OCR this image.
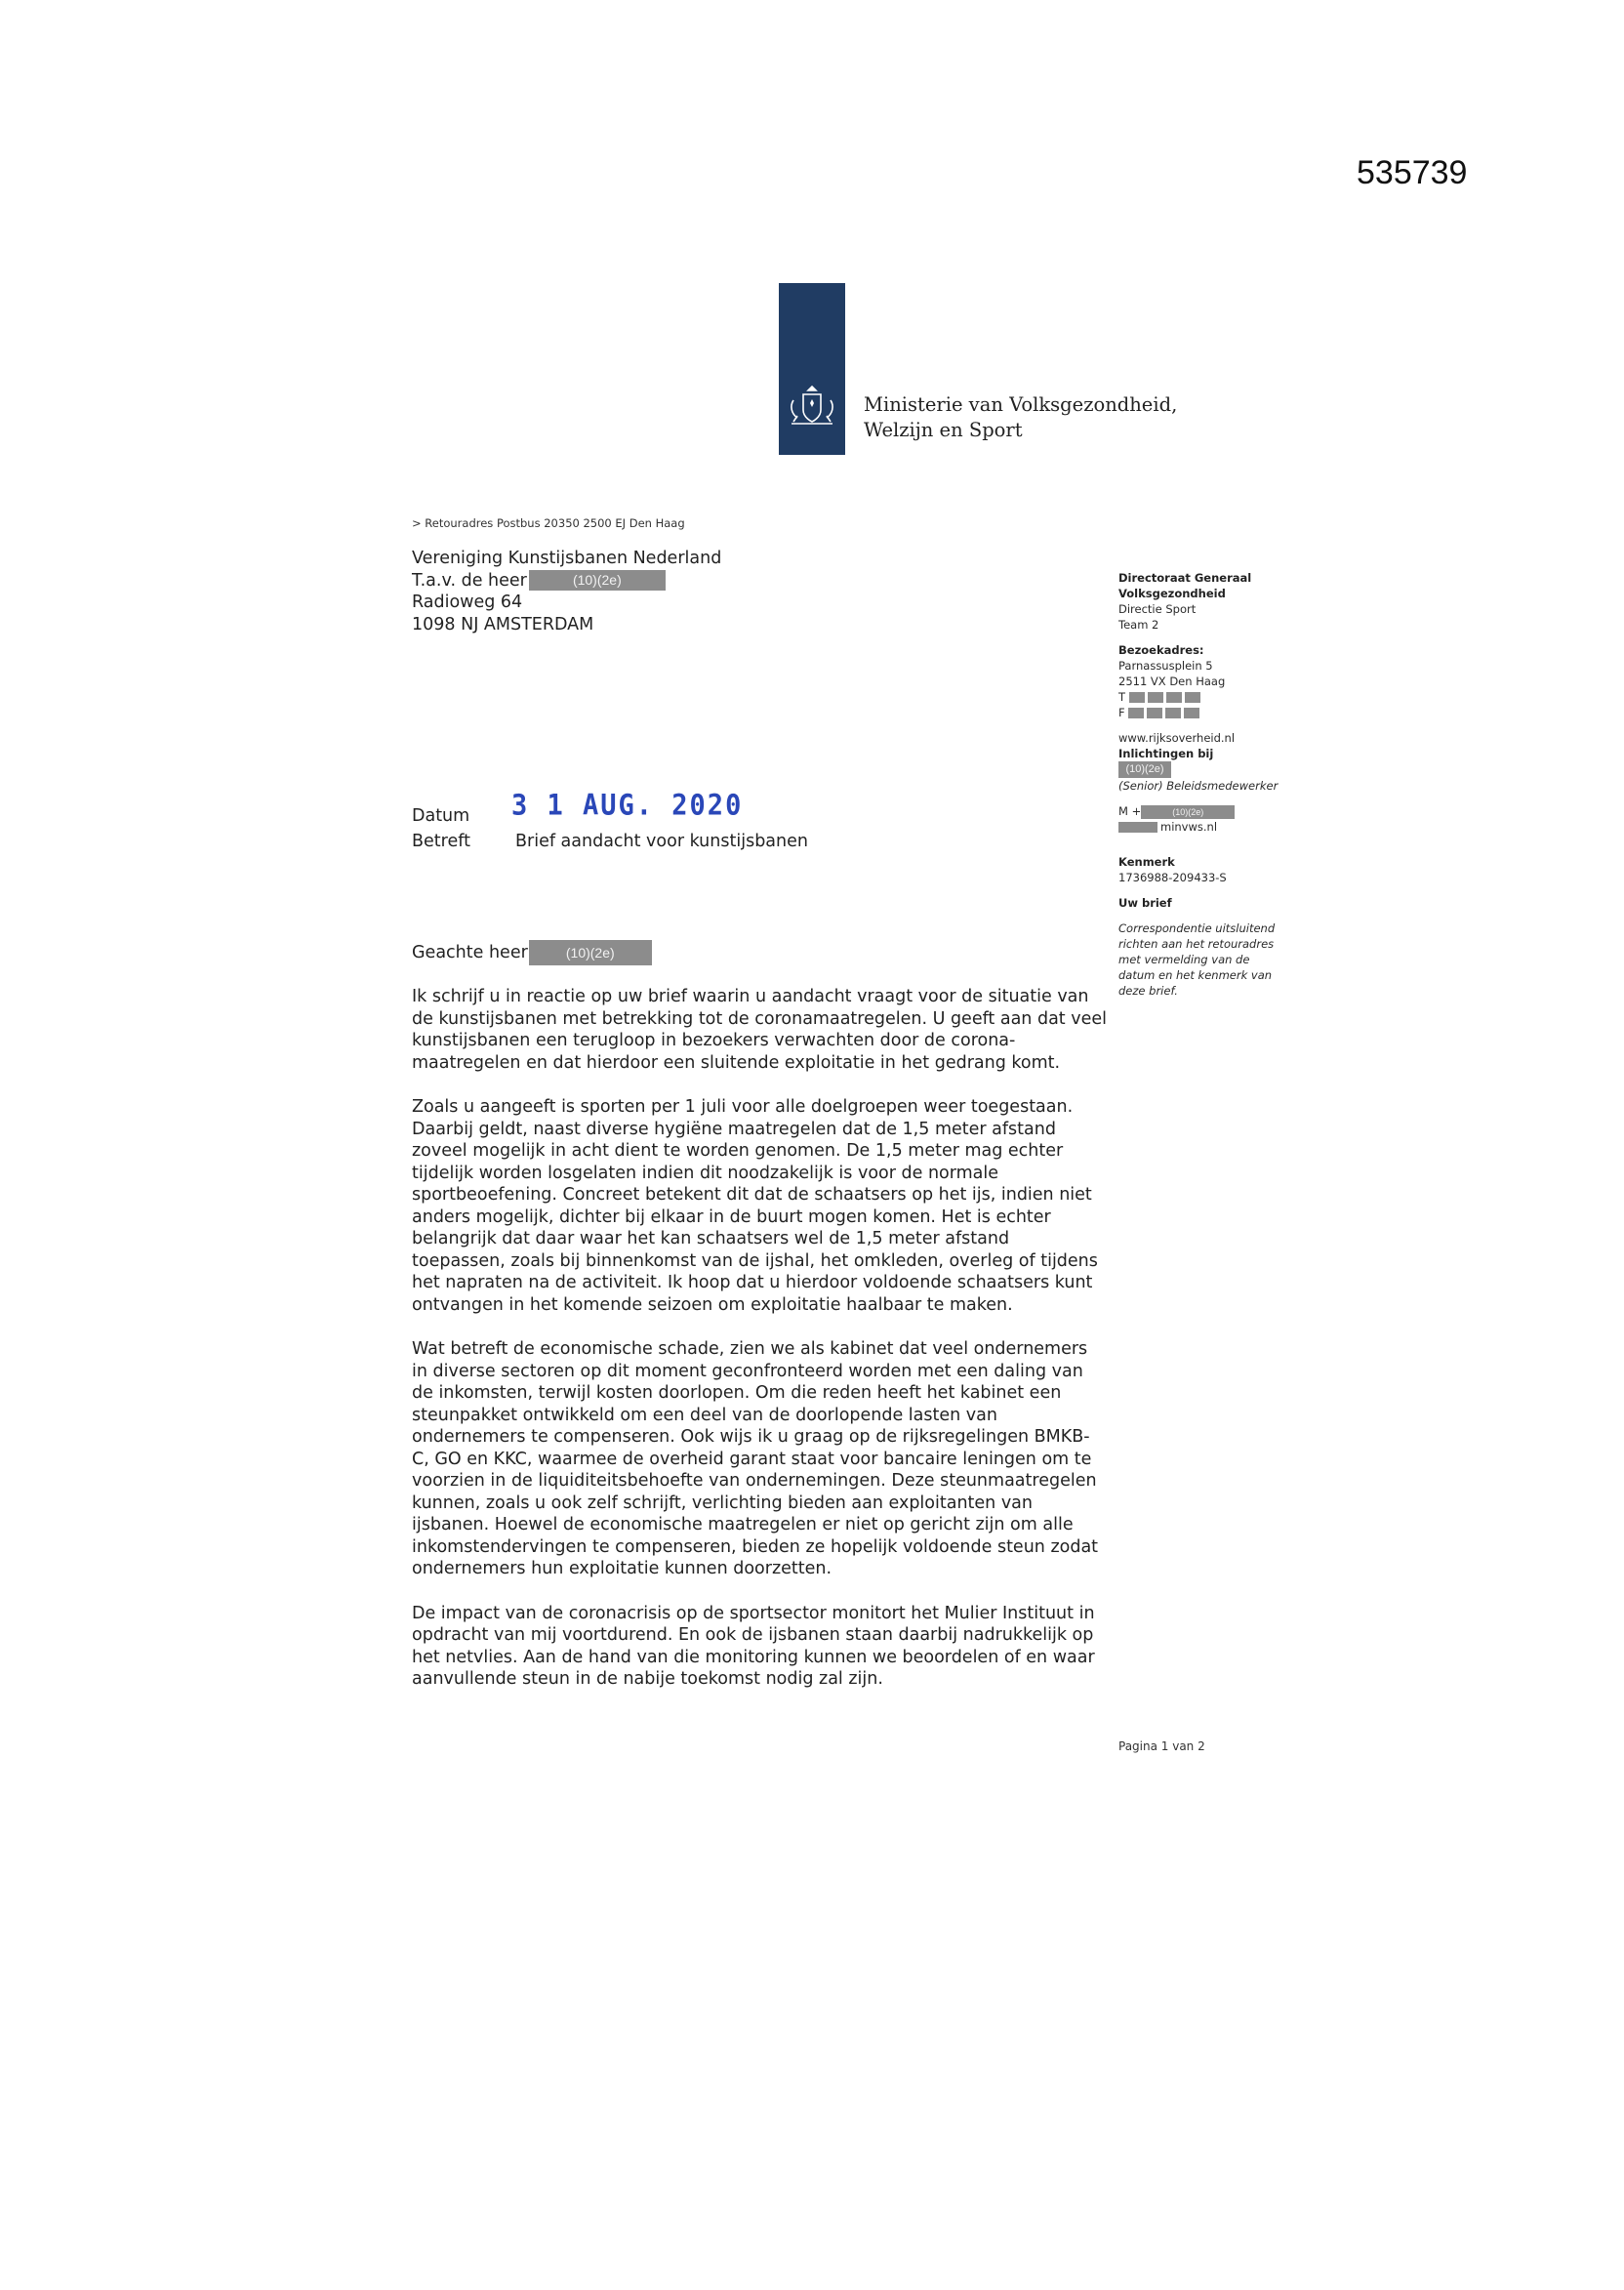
535739
Ministerie van Volksgezondheid,
Welzijn en Sport
> Retouradres Postbus 20350 2500 EJ Den Haag
Vereniging Kunstijsbanen Nederland
T.a.v. de heer	(10)(2e)
Radioweg 64
1098 NJ AMSTERDAM
Directoraat Generaal
Volksgezondheid
Directie Sport
Team 2
Bezoekadres:
Parnassusplein 5
2511 VX Den Haag
T
F
www.rijksoverheid.nl
Inlichtingen bij
(10)(2e)
(Senior) Beleidsmedewerker
M +	(10)(2e)
minvws.nl
Kenmerk
1736988-209433-S
Uw brief
Correspondentie uitsluitend
richten aan het retouradres
met vermelding van de
datum en het kenmerk van
deze brief.
Datum 3 1 AUG. 2020
Betreft	Brief aandacht voor kunstijsbanen
Geachte heer	(10)(2e)

Ik schrijf u in reactie op uw brief waarin u aandacht vraagt voor de situatie van de kunstijsbanen met betrekking tot de coronamaatregelen. U geeft aan dat veel kunstijsbanen een terugloop in bezoekers verwachten door de corona-maatregelen en dat hierdoor een sluitende exploitatie in het gedrang komt.

Zoals u aangeeft is sporten per 1 juli voor alle doelgroepen weer toegestaan. Daarbij geldt, naast diverse hygiëne maatregelen dat de 1,5 meter afstand zoveel mogelijk in acht dient te worden genomen. De 1,5 meter mag echter tijdelijk worden losgelaten indien dit noodzakelijk is voor de normale sportbeoefening. Concreet betekent dit dat de schaatsers op het ijs, indien niet anders mogelijk, dichter bij elkaar in de buurt mogen komen. Het is echter belangrijk dat daar waar het kan schaatsers wel de 1,5 meter afstand toepassen, zoals bij binnenkomst van de ijshal, het omkleden, overleg of tijdens het napraten na de activiteit. Ik hoop dat u hierdoor voldoende schaatsers kunt ontvangen in het komende seizoen om exploitatie haalbaar te maken.

Wat betreft de economische schade, zien we als kabinet dat veel ondernemers in diverse sectoren op dit moment geconfronteerd worden met een daling van de inkomsten, terwijl kosten doorlopen. Om die reden heeft het kabinet een steunpakket ontwikkeld om een deel van de doorlopende lasten van ondernemers te compenseren. Ook wijs ik u graag op de rijksregelingen BMKB-C, GO en KKC, waarmee de overheid garant staat voor bancaire leningen om te voorzien in de liquiditeitsbehoefte van ondernemingen. Deze steunmaatregelen kunnen, zoals u ook zelf schrijft, verlichting bieden aan exploitanten van ijsbanen. Hoewel de economische maatregelen er niet op gericht zijn om alle inkomstendervingen te compenseren, bieden ze hopelijk voldoende steun zodat ondernemers hun exploitatie kunnen doorzetten.

De impact van de coronacrisis op de sportsector monitort het Mulier Instituut in opdracht van mij voortdurend. En ook de ijsbanen staan daarbij nadrukkelijk op het netvlies. Aan de hand van die monitoring kunnen we beoordelen of en waar aanvullende steun in de nabije toekomst nodig zal zijn.

Pagina 1 van 2
